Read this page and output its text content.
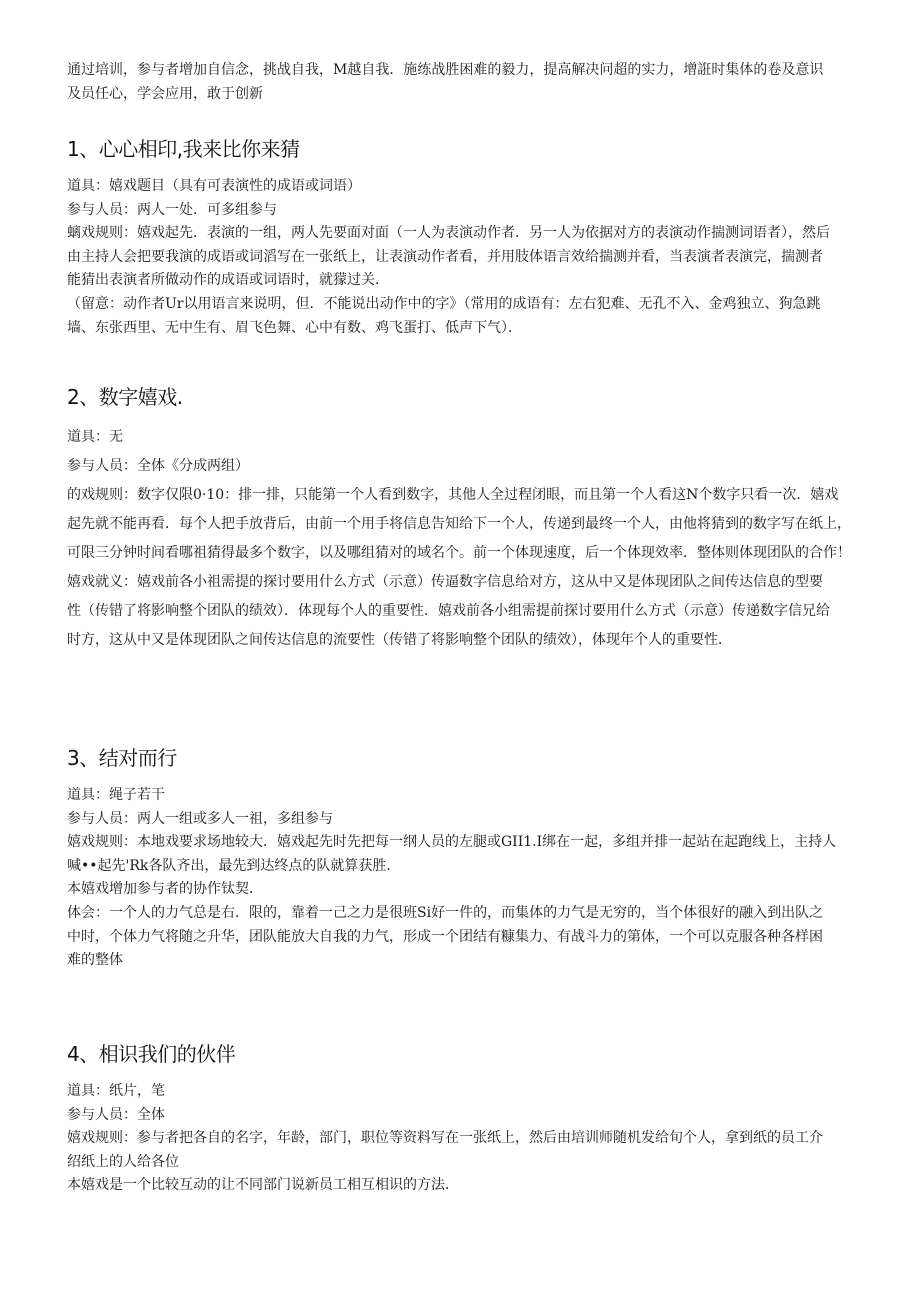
通过培训，参与者增加自信念，挑战自我，M越自我．施练战胜困难的毅力，提高解决问超的实力，增誑时集体的卷及意识

及员任心，学会应用，敢于创新

1、心心相印,我来比你来猜

道具：嬉戏题目（具有可表演性的成语或词语）

参与人员：两人一处．可多组参与

螭戏规则：嬉戏起先．表演的一组，两人先要面对面（一人为表演动作者．另一人为依据对方的表演动作揣测词语者），然后

由主持人会把要我演的成语或词滔写在一张纸上，让表演动作者看，并用肢体语言效给揣测并看，当表演者表演完，揣测者

能猜出表演者所做动作的成语或词语时，就獴过关．

（留意：动作者Ur以用语言来说明，但．不能说出动作中的字》（常用的成语有：左右犯难、无孔不入、金鸡独立、狗急跳

墙、东张西里、无中生有、眉飞色舞、心中有数、鸡飞蛋打、低声下气）．

2、数字嬉戏.

道具：无

参与人员：全体《分成两组）

的戏规则：数字仅限0·10：排一排，只能第一个人看到数字，其他人全过程闭眼，而且第一个人看这N个数字只看一次．嬉戏

起先就不能再看．每个人把手放背后，由前一个用手将信息告知给下一个人，传递到最终一个人，由他将猜到的数字写在纸上，

可限三分钟时间看哪祖猜得最多个数字，以及哪组猜对的域名个。前一个体现速度，后一个体现效率．整体则体现团队的合作！

嬉戏就义：嬉戏前各小祖需提的探讨要用什么方式（示意）传逼数字信息给对方，这从中又是体现团队之间传达信息的型要

性（传错了将影响整个团队的绩效）．体现每个人的重要性．嬉戏前各小组需提前探讨要用什么方式（示意）传递数字信兄给

时方，这从中又是体现团队之间传达信息的流要性（传错了将影响整个团队的绩效），体现年个人的重要性．

3、结对而行

道具：绳子若干

参与人员：两人一组或多人一祖，多组参与

嬉戏规则：本地戏要求场地较大．嬉戏起先时先把每一纲人员的左腿或GII1.I绑在一起，多组并排一起站在起跑线上，主持人

喊••起先'Rk各队齐出，最先到达终点的队就算获胜．

本嬉戏增加参与者的协作钛契．

体会：一个人的力气总是右．限的，靠着一己之力是很班Si好一件的，而集体的力气是无穷的，当个体很好的融入到出队之

中时，个体力气将随之升华，团队能放大自我的力气，形成一个团结有糠集力、有战斗力的第体，一个可以克服各种各样困

难的整体

4、相识我们的伙伴

道具：纸片，笔

参与人员：全体

嬉戏规则：参与者把各自的名字，年龄，部门，职位等资料写在一张纸上，然后由培训师随机发给旬个人，拿到纸的员工介

绍纸上的人给各位

本嬉戏是一个比较互动的让不同部门说新员工相互相识的方法．
